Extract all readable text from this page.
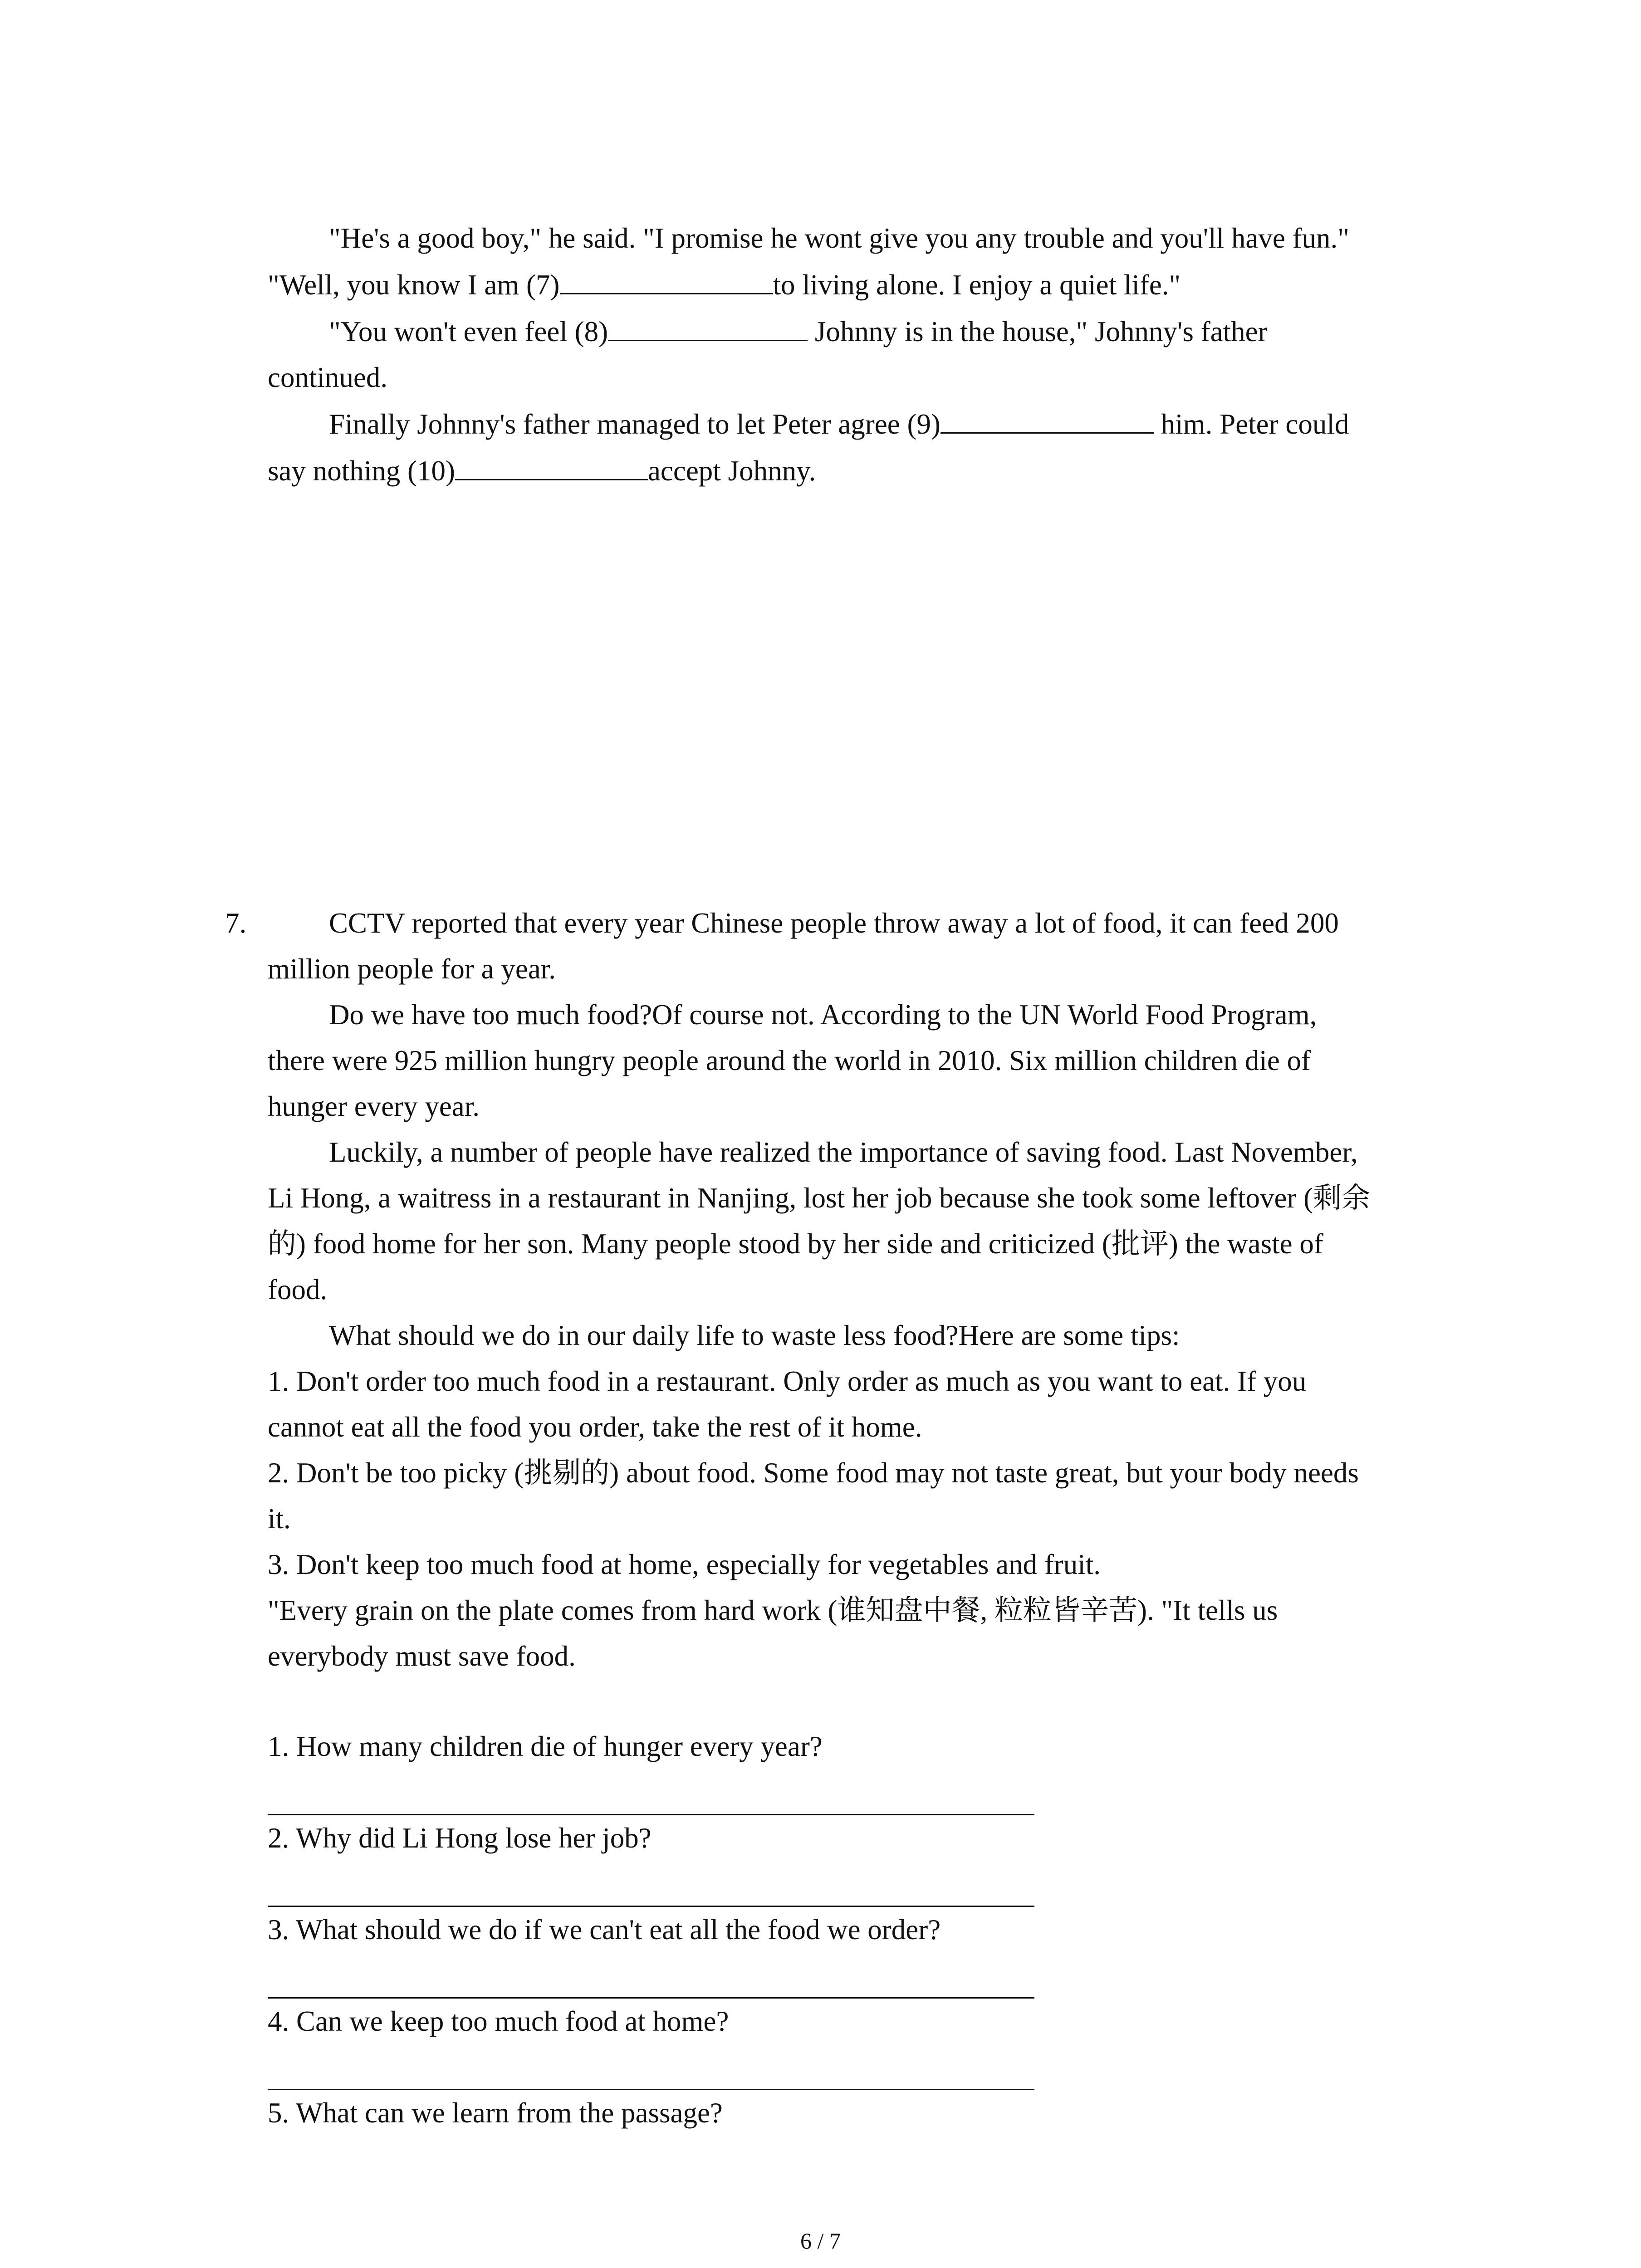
"He's a good boy," he said. "I promise he wont give you any trouble and you'll have fun."
"Well, you know I am (7)	to living alone. I enjoy a quiet life."
"You won't even feel (8)	Johnny is in the house," Johnny's father
continued.
Finally Johnny's father managed to let Peter agree (9)	him. Peter could
say nothing (10)	accept Johnny.
7.	CCTV reported that every year Chinese people throw away a lot of food, it can feed 200
million people for a year.
Do we have too much food?Of course not. According to the UN World Food Program,
there were 925 million hungry people around the world in 2010. Six million children die of
hunger every year.
Luckily, a number of people have realized the importance of saving food. Last November,
Li Hong, a waitress in a restaurant in Nanjing, lost her job because she took some leftover (剩余
的) food home for her son. Many people stood by her side and criticized (批评) the waste of
food.
What should we do in our daily life to waste less food?Here are some tips:
1. Don't order too much food in a restaurant. Only order as much as you want to eat. If you
cannot eat all the food you order, take the rest of it home.
2. Don't be too picky (挑剔的) about food. Some food may not taste great, but your body needs
it.
3. Don't keep too much food at home, especially for vegetables and fruit.
"Every grain on the plate comes from hard work (谁知盘中餐, 粒粒皆辛苦). "It tells us
everybody must save food.
1. How many children die of hunger every year?
2. Why did Li Hong lose her job?
3. What should we do if we can't eat all the food we order?
4. Can we keep too much food at home?
5. What can we learn from the passage?
6 / 7
